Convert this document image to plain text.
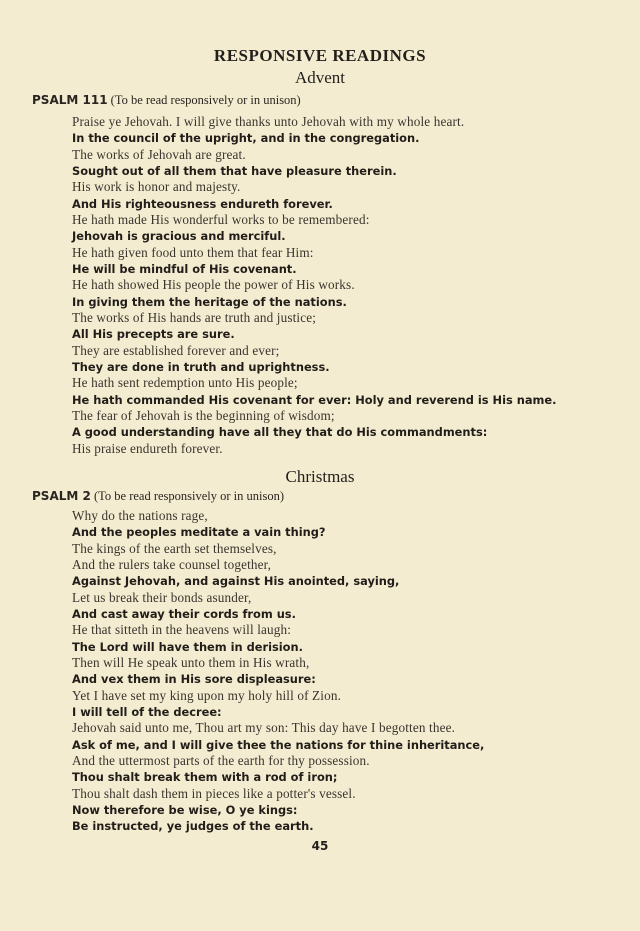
RESPONSIVE READINGS
Advent
PSALM 111 (To be read responsively or in unison)
Praise ye Jehovah. I will give thanks unto Jehovah with my whole heart.
In the council of the upright, and in the congregation.
The works of Jehovah are great.
Sought out of all them that have pleasure therein.
His work is honor and majesty.
And His righteousness endureth forever.
He hath made His wonderful works to be remembered:
Jehovah is gracious and merciful.
He hath given food unto them that fear Him:
He will be mindful of His covenant.
He hath showed His people the power of His works.
In giving them the heritage of the nations.
The works of His hands are truth and justice;
All His precepts are sure.
They are established forever and ever;
They are done in truth and uprightness.
He hath sent redemption unto His people;
He hath commanded His covenant for ever: Holy and reverend is His name.
The fear of Jehovah is the beginning of wisdom;
A good understanding have all they that do His commandments:
His praise endureth forever.
Christmas
PSALM 2 (To be read responsively or in unison)
Why do the nations rage,
And the peoples meditate a vain thing?
The kings of the earth set themselves,
And the rulers take counsel together,
Against Jehovah, and against His anointed, saying,
Let us break their bonds asunder,
And cast away their cords from us.
He that sitteth in the heavens will laugh:
The Lord will have them in derision.
Then will He speak unto them in His wrath,
And vex them in His sore displeasure:
Yet I have set my king upon my holy hill of Zion.
I will tell of the decree:
Jehovah said unto me, Thou art my son: This day have I begotten thee.
Ask of me, and I will give thee the nations for thine inheritance,
And the uttermost parts of the earth for thy possession.
Thou shalt break them with a rod of iron;
Thou shalt dash them in pieces like a potter's vessel.
Now therefore be wise, O ye kings:
Be instructed, ye judges of the earth.
45
